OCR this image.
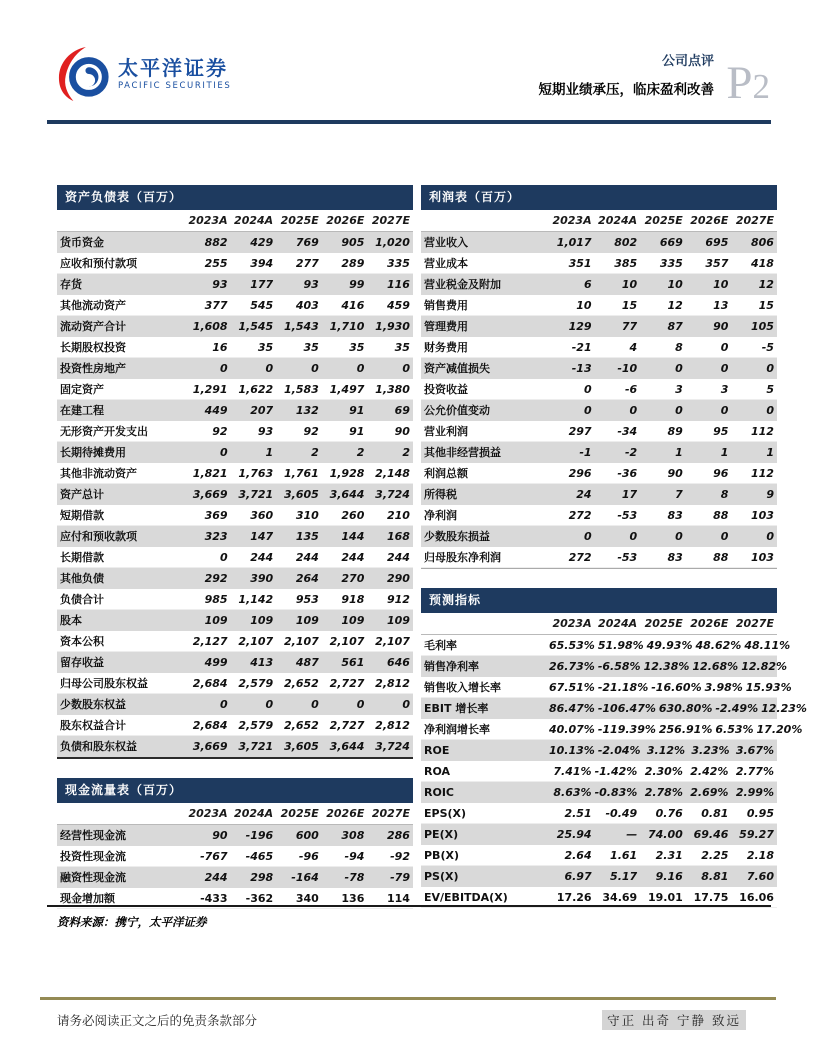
太平洋证券
PACIFIC SECURITIES
公司点评
短期业绩承压，临床盈利改善 P2
资产负债表（百万）
2023A 2024A 2025E 2026E 2027E
货币资金	882	429	769	905 1,020
应收和预付款项	255	394	277	289	335
存货	93	177	93	99	116
其他流动资产	377	545	403	416	459
流动资产合计	1,608 1,545 1,543 1,710 1,930
长期股权投资	16	35	35	35	35
投资性房地产	0	0	0	0	0
固定资产	1,291 1,622 1,583 1,497 1,380
在建工程	449	207	132	91	69
无形资产开发支出	92	93	92	91	90
长期待摊费用	0	1	2	2	2
其他非流动资产	1,821 1,763 1,761 1,928 2,148
资产总计	3,669 3,721 3,605 3,644 3,724
短期借款	369	360	310	260	210
应付和预收款项	323	147	135	144	168
长期借款	0	244	244	244	244
其他负债	292	390	264	270	290
负债合计	985 1,142	953	918	912
股本	109	109	109	109	109
资本公积	2,127 2,107 2,107 2,107 2,107
留存收益	499	413	487	561	646
归母公司股东权益	2,684 2,579 2,652 2,727 2,812
少数股东权益	0	0	0	0	0
股东权益合计	2,684 2,579 2,652 2,727 2,812
负债和股东权益	3,669 3,721 3,605 3,644 3,724
现金流量表（百万）
2023A 2024A 2025E 2026E 2027E
经营性现金流	90	-196	600	308	286
投资性现金流	-767	-465	-96	-94	-92
融资性现金流	244	298	-164	-78	-79
现金增加额	-433	-362	340	136	114
利润表（百万）
2023A 2024A 2025E 2026E 2027E
营业收入	1,017	802	669	695	806
营业成本	351	385	335	357	418
营业税金及附加	6	10	10	10	12
销售费用	10	15	12	13	15
管理费用	129	77	87	90	105
财务费用	-21	4	8	0	-5
资产减值损失	-13	-10	0	0	0
投资收益	0	-6	3	3	5
公允价值变动	0	0	0	0	0
营业利润	297	-34	89	95	112
其他非经营损益	-1	-2	1	1	1
利润总额	296	-36	90	96	112
所得税	24	17	7	8	9
净利润	272	-53	83	88	103
少数股东损益	0	0	0	0	0
归母股东净利润	272	-53	83	88	103
预测指标
2023A 2024A 2025E 2026E 2027E
毛利率	65.53% 51.98% 49.93% 48.62% 48.11%
销售净利率	26.73% -6.58% 12.38% 12.68% 12.82%
销售收入增长率	67.51% -21.18% -16.60% 3.98% 15.93%
EBIT 增长率	86.47% -106.47% 630.80% -2.49% 12.23%
净利润增长率	40.07% -119.39% 256.91% 6.53% 17.20%
ROE	10.13% -2.04% 3.12% 3.23% 3.67%
ROA	7.41% -1.42% 2.30% 2.42% 2.77%
ROIC	8.63% -0.83% 2.78% 2.69% 2.99%
EPS(X)	2.51	-0.49	0.76	0.81	0.95
PE(X)	25.94	— 74.00 69.46 59.27
PB(X)	2.64	1.61	2.31	2.25	2.18
PS(X)	6.97	5.17	9.16	8.81	7.60
EV/EBITDA(X)	17.26 34.69 19.01 17.75 16.06
资料来源：携宁，太平洋证券
请务必阅读正文之后的免责条款部分	守正 出奇 宁静 致远
